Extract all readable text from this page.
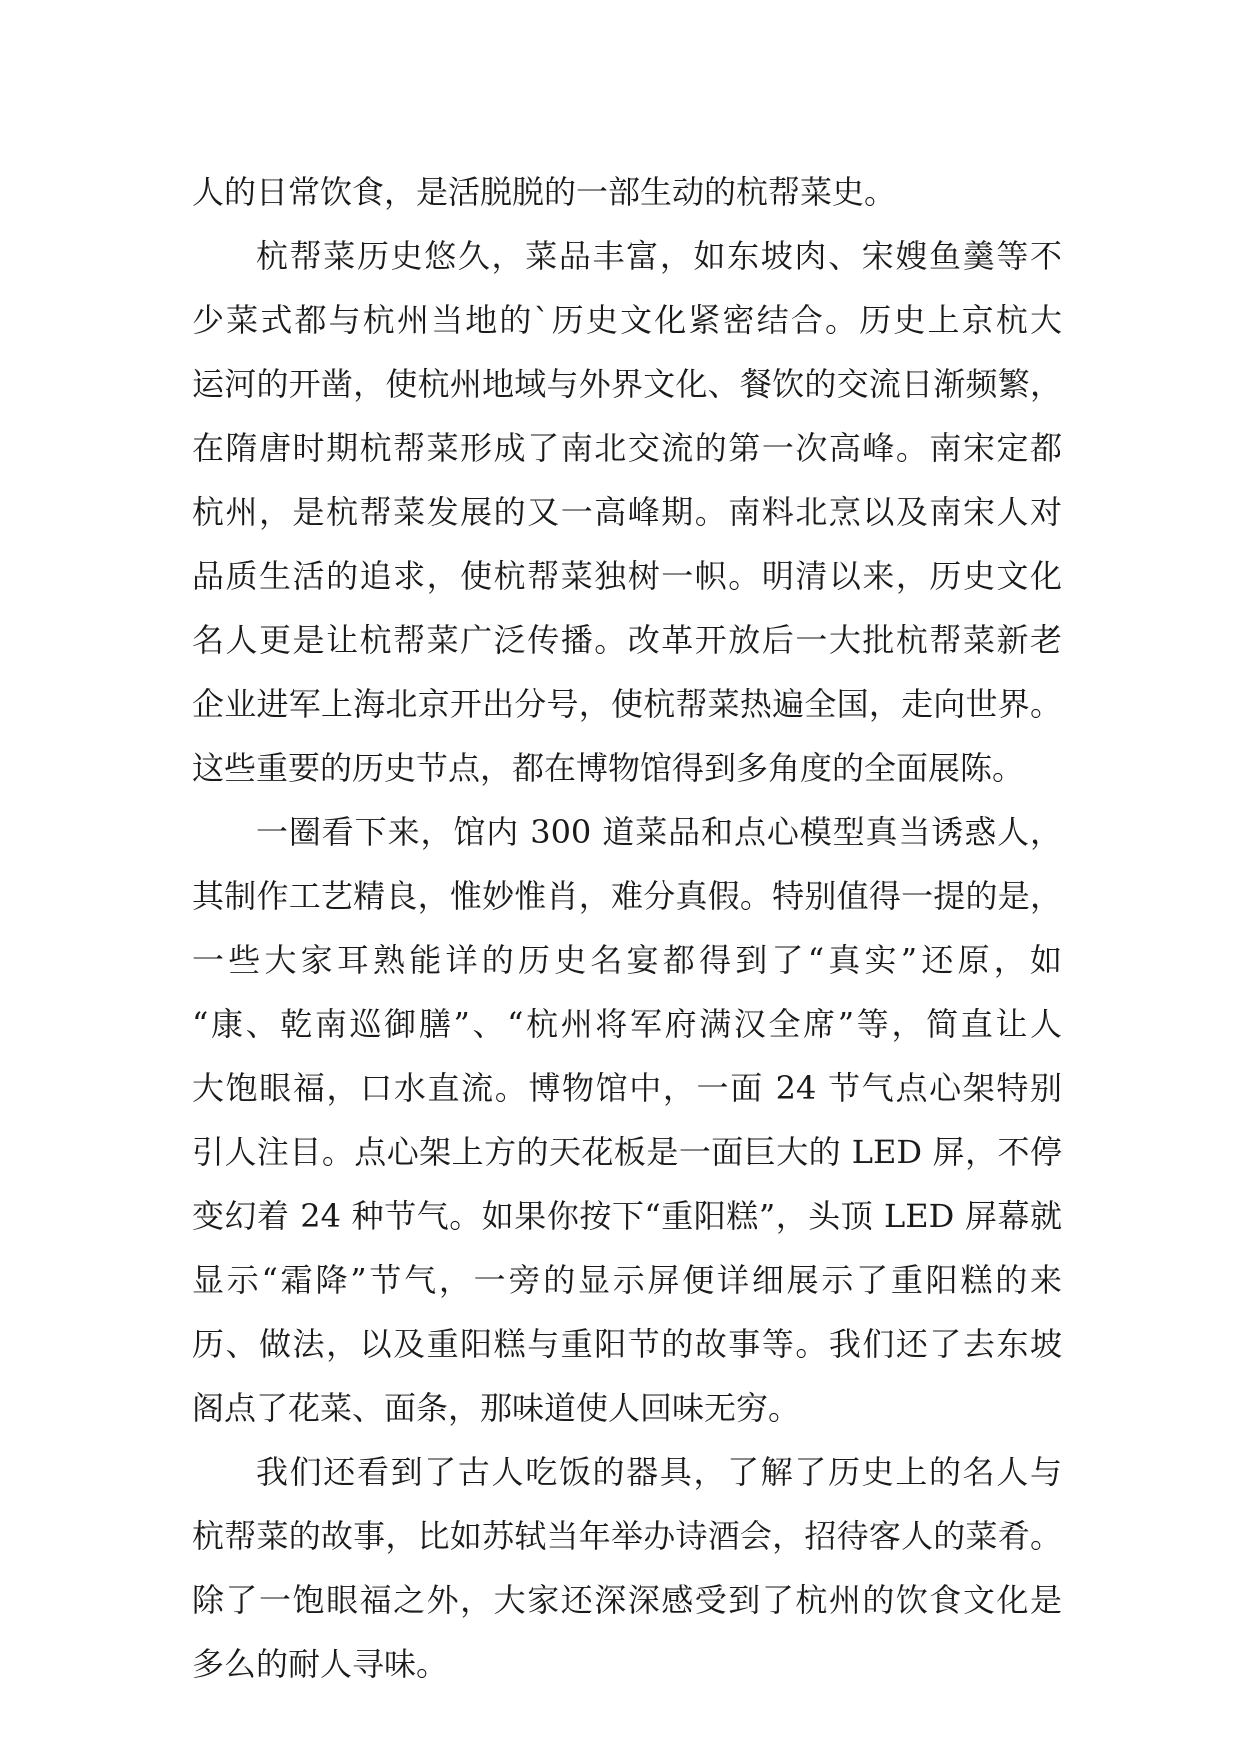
人的日常饮食，是活脱脱的一部生动的杭帮菜史。
杭帮菜历史悠久，菜品丰富，如东坡肉、宋嫂鱼羹等不
少菜式都与杭州当地的`历史文化紧密结合。历史上京杭大
运河的开凿，使杭州地域与外界文化、餐饮的交流日渐频繁，
在隋唐时期杭帮菜形成了南北交流的第一次高峰。南宋定都
杭州，是杭帮菜发展的又一高峰期。南料北烹以及南宋人对
品质生活的追求，使杭帮菜独树一帜。明清以来，历史文化
名人更是让杭帮菜广泛传播。改革开放后一大批杭帮菜新老
企业进军上海北京开出分号，使杭帮菜热遍全国，走向世界。
这些重要的历史节点，都在博物馆得到多角度的全面展陈。
一圈看下来，馆内 300 道菜品和点心模型真当诱惑人，
其制作工艺精良，惟妙惟肖，难分真假。特别值得一提的是，
一些大家耳熟能详的历史名宴都得到了“真实”还原，如
“康、乾南巡御膳”、“杭州将军府满汉全席”等，简直让人
大饱眼福，口水直流。博物馆中，一面 24 节气点心架特别
引人注目。点心架上方的天花板是一面巨大的 LED 屏，不停
变幻着 24 种节气。如果你按下“重阳糕”，头顶 LED 屏幕就
显示“霜降”节气，一旁的显示屏便详细展示了重阳糕的来
历、做法，以及重阳糕与重阳节的故事等。我们还了去东坡
阁点了花菜、面条，那味道使人回味无穷。
我们还看到了古人吃饭的器具，了解了历史上的名人与
杭帮菜的故事，比如苏轼当年举办诗酒会，招待客人的菜肴。
除了一饱眼福之外，大家还深深感受到了杭州的饮食文化是
多么的耐人寻味。
